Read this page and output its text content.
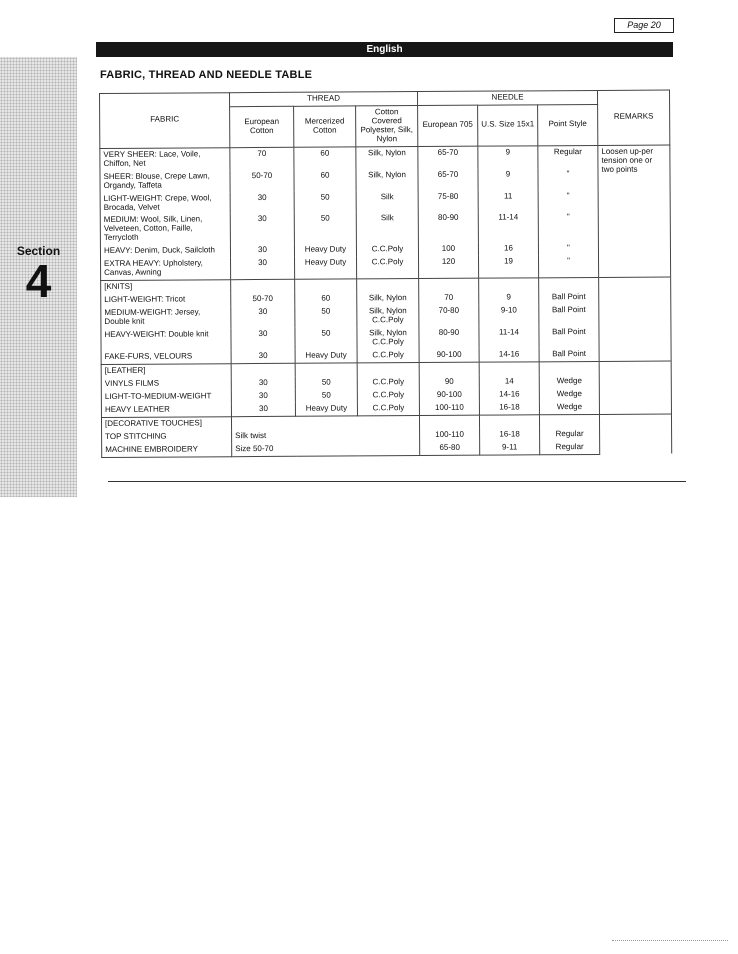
Page 20
Section
4
English
FABRIC, THREAD AND NEEDLE TABLE
FABRIC	THREAD			NEEDLE			REMARKS
	European Cotton	Mercerized Cotton	Cotton Covered Polyester, Silk, Nylon	European 705	U.S. Size 15x1	Point Style	
VERY SHEER: Lace, Voile, Chiffon, Net	70	60	Silk, Nylon	65-70	9	Regular	Loosen up-per tension one or two points
SHEER: Blouse, Crepe Lawn, Organdy, Taffeta	50-70	60	Silk, Nylon	65-70	9	"	
LIGHT-WEIGHT: Crepe, Wool, Brocada, Velvet	30	50	Silk	75-80	11	"	
MEDIUM: Wool, Silk, Linen, Velveteen, Cotton, Faille, Terrycloth	30	50	Silk	80-90	11-14	"	
HEAVY: Denim, Duck, Sailcloth	30	Heavy Duty	C.C.Poly	100	16	"	
EXTRA HEAVY: Upholstery, Canvas, Awning	30	Heavy Duty	C.C.Poly	120	19	"	
[KNITS]							
LIGHT-WEIGHT: Tricot	50-70	60	Silk, Nylon	70	9	Ball Point	
MEDIUM-WEIGHT: Jersey, Double knit	30	50	Silk, Nylon C.C.Poly	70-80	9-10	Ball Point	
HEAVY-WEIGHT: Double knit	30	50	Silk, Nylon C.C.Poly	80-90	11-14	Ball Point	
FAKE-FURS, VELOURS	30	Heavy Duty	C.C.Poly	90-100	14-16	Ball Point	
[LEATHER]							
VINYLS FILMS	30	50	C.C.Poly	90	14	Wedge	
LIGHT-TO-MEDIUM-WEIGHT	30	50	C.C.Poly	90-100	14-16	Wedge	
HEAVY LEATHER	30	Heavy Duty	C.C.Poly	100-110	16-18	Wedge	
[DECORATIVE TOUCHES]							
TOP STITCHING	Silk twist			100-110	16-18	Regular	
MACHINE EMBROIDERY	Size 50-70			65-80	9-11	Regular	
